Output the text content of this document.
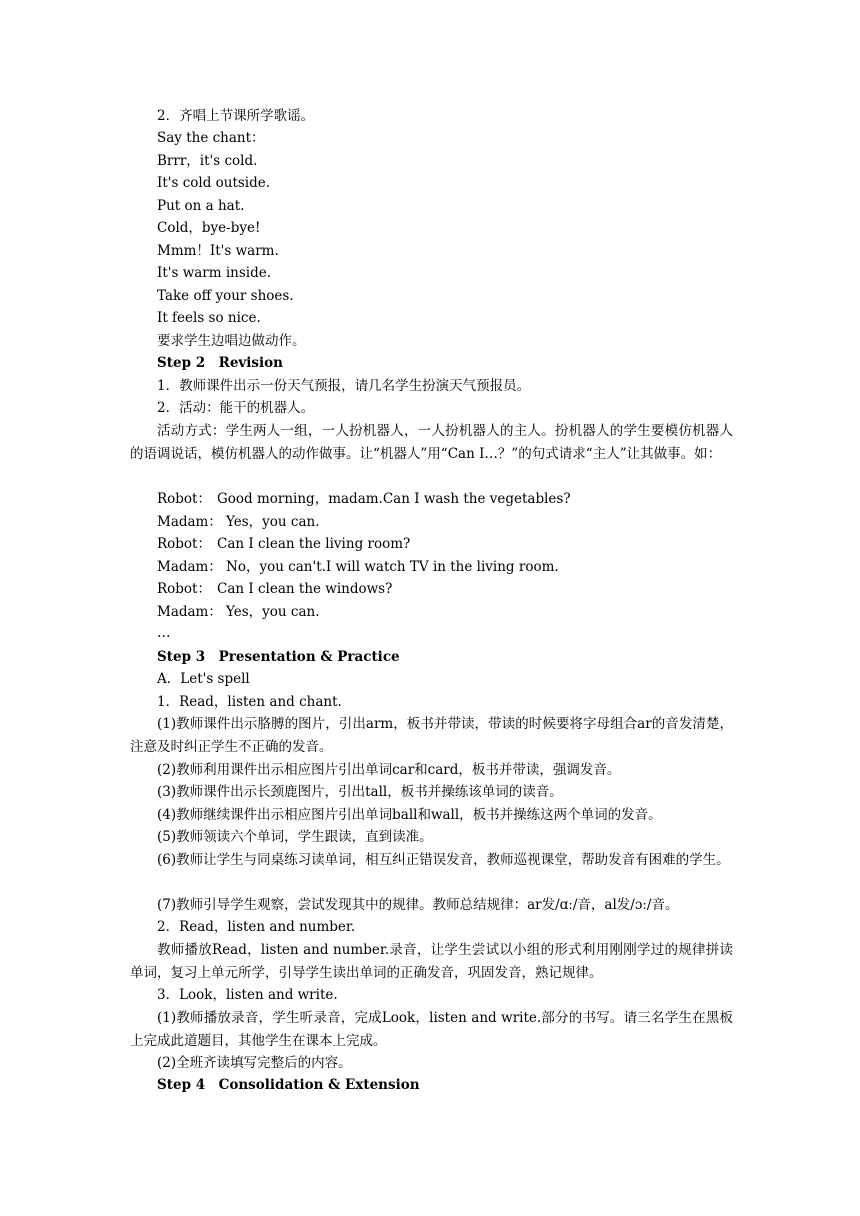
2．齐唱上节课所学歌谣。
Say the chant：
Brrr，it's cold.
It's cold outside.
Put on a hat.
Cold，bye-bye!
Mmm！It's warm.
It's warm inside.
Take off your shoes.
It feels so nice.
要求学生边唱边做动作。
Step 2　Revision
1．教师课件出示一份天气预报，请几名学生扮演天气预报员。
2．活动：能干的机器人。
活动方式：学生两人一组，一人扮机器人，一人扮机器人的主人。扮机器人的学生要模仿机器人的语调说话，模仿机器人的动作做事。让“机器人”用“Can I…？”的句式请求“主人”让其做事。如：
Robot： Good morning，madam.Can I wash the vegetables?
Madam： Yes，you can.
Robot： Can I clean the living room?
Madam： No，you can't.I will watch TV in the living room.
Robot： Can I clean the windows?
Madam： Yes，you can.
…
Step 3　Presentation & Practice
A．Let's spell
1．Read，listen and chant.
(1)教师课件出示胳膊的图片，引出arm，板书并带读，带读的时候要将字母组合ar的音发清楚，注意及时纠正学生不正确的发音。
(2)教师利用课件出示相应图片引出单词car和card，板书并带读，强调发音。
(3)教师课件出示长颈鹿图片，引出tall，板书并操练该单词的读音。
(4)教师继续课件出示相应图片引出单词ball和wall，板书并操练这两个单词的发音。
(5)教师领读六个单词，学生跟读，直到读准。
(6)教师让学生与同桌练习读单词，相互纠正错误发音，教师巡视课堂，帮助发音有困难的学生。
(7)教师引导学生观察，尝试发现其中的规律。教师总结规律：ar发/ɑː/音，al发/ɔː/音。
2．Read，listen and number.
教师播放Read，listen and number.录音，让学生尝试以小组的形式利用刚刚学过的规律拼读单词，复习上单元所学，引导学生读出单词的正确发音，巩固发音，熟记规律。
3．Look，listen and write.
(1)教师播放录音，学生听录音，完成Look，listen and write.部分的书写。请三名学生在黑板上完成此道题目，其他学生在课本上完成。
(2)全班齐读填写完整后的内容。
Step 4　Consolidation & Extension
